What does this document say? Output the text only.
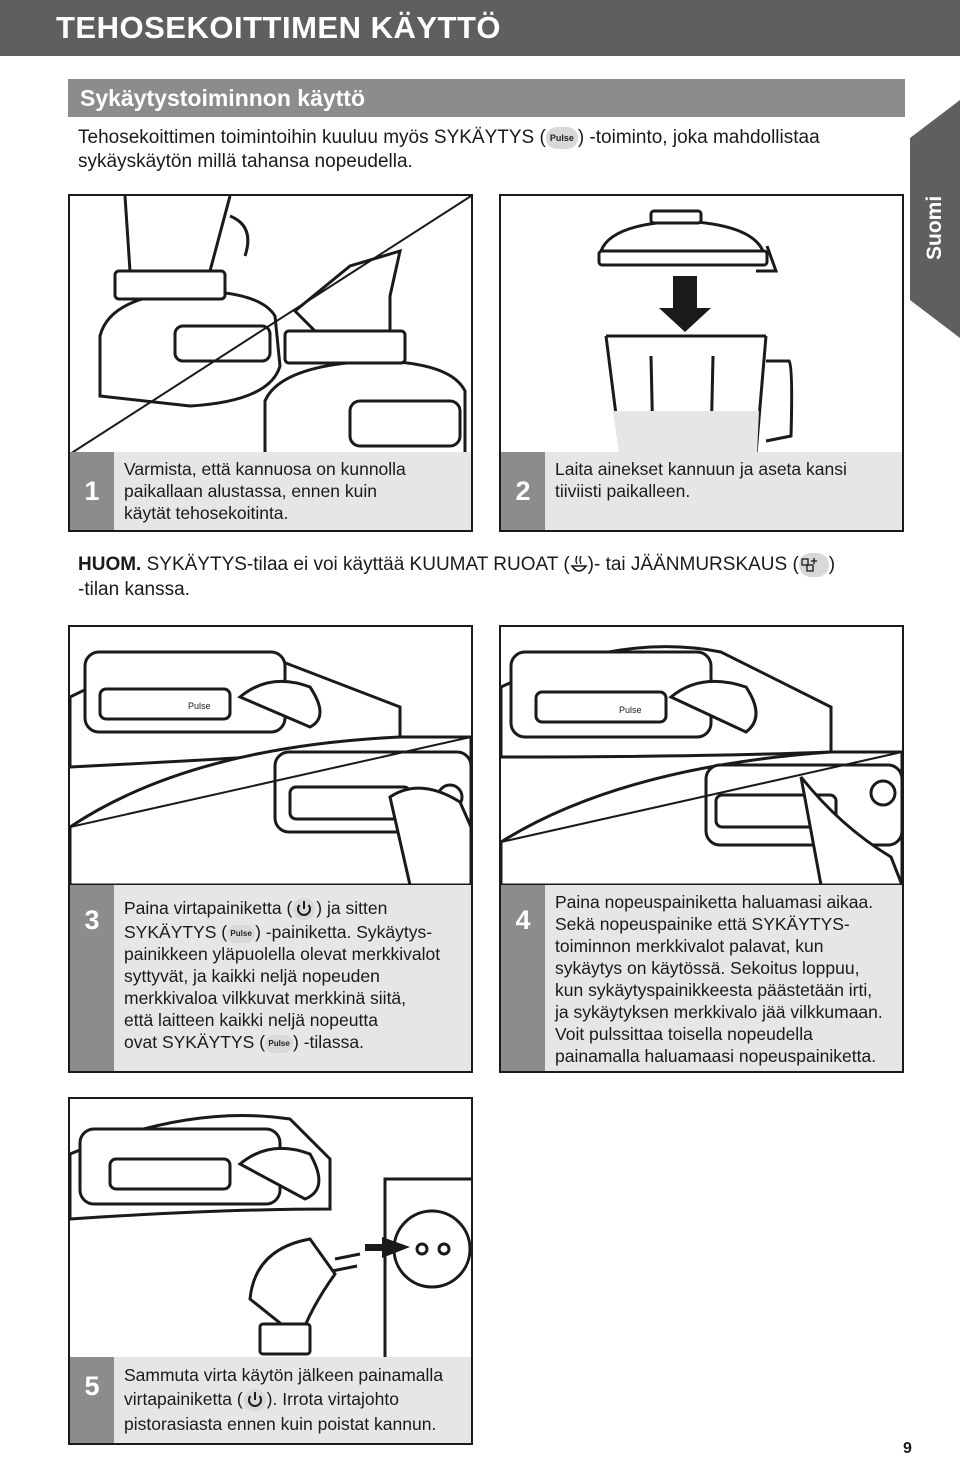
TEHOSEKOITTIMEN KÄYTTÖ
Sykäytystoiminnon käyttö
Suomi
Tehosekoittimen toimintoihin kuuluu myös SYKÄYTYS ( Pulse ) -toiminto, joka mahdollistaa
sykäyskäytön millä tahansa nopeudella.
1
Varmista, että kannuosa on kunnolla
paikallaan alustassa, ennen kuin
käytät tehosekoitinta.
2
Laita ainekset kannuun ja aseta kansi
tiiviisti paikalleen.
HUOM. SYKÄYTYS-tilaa ei voi käyttää KUUMAT RUOAT ( )- tai JÄÄNMURSKAUS ( )
-tilan kanssa.
Pulse
3	Paina virtapainiketta ( ) ja sitten
SYKÄYTYS ( Pulse ) -painiketta. Sykäytys-
painikkeen yläpuolella olevat merkkivalot
syttyvät, ja kaikki neljä nopeuden
merkkivaloa vilkkuvat merkkinä siitä,
että laitteen kaikki neljä nopeutta
ovat SYKÄYTYS ( Pulse ) -tilassa.
Pulse
4
Paina nopeuspainiketta haluamasi aikaa.
Sekä nopeuspainike että SYKÄYTYS-
toiminnon merkkivalot palavat, kun
sykäytys on käytössä. Sekoitus loppuu,
kun sykäytyspainikkeesta päästetään irti,
ja sykäytyksen merkkivalo jää vilkkumaan.
Voit pulssittaa toisella nopeudella
painamalla haluamaasi nopeuspainiketta.
5	Sammuta virta käytön jälkeen painamalla
virtapainiketta ( ). Irrota virtajohto
pistorasiasta ennen kuin poistat kannun.
9
